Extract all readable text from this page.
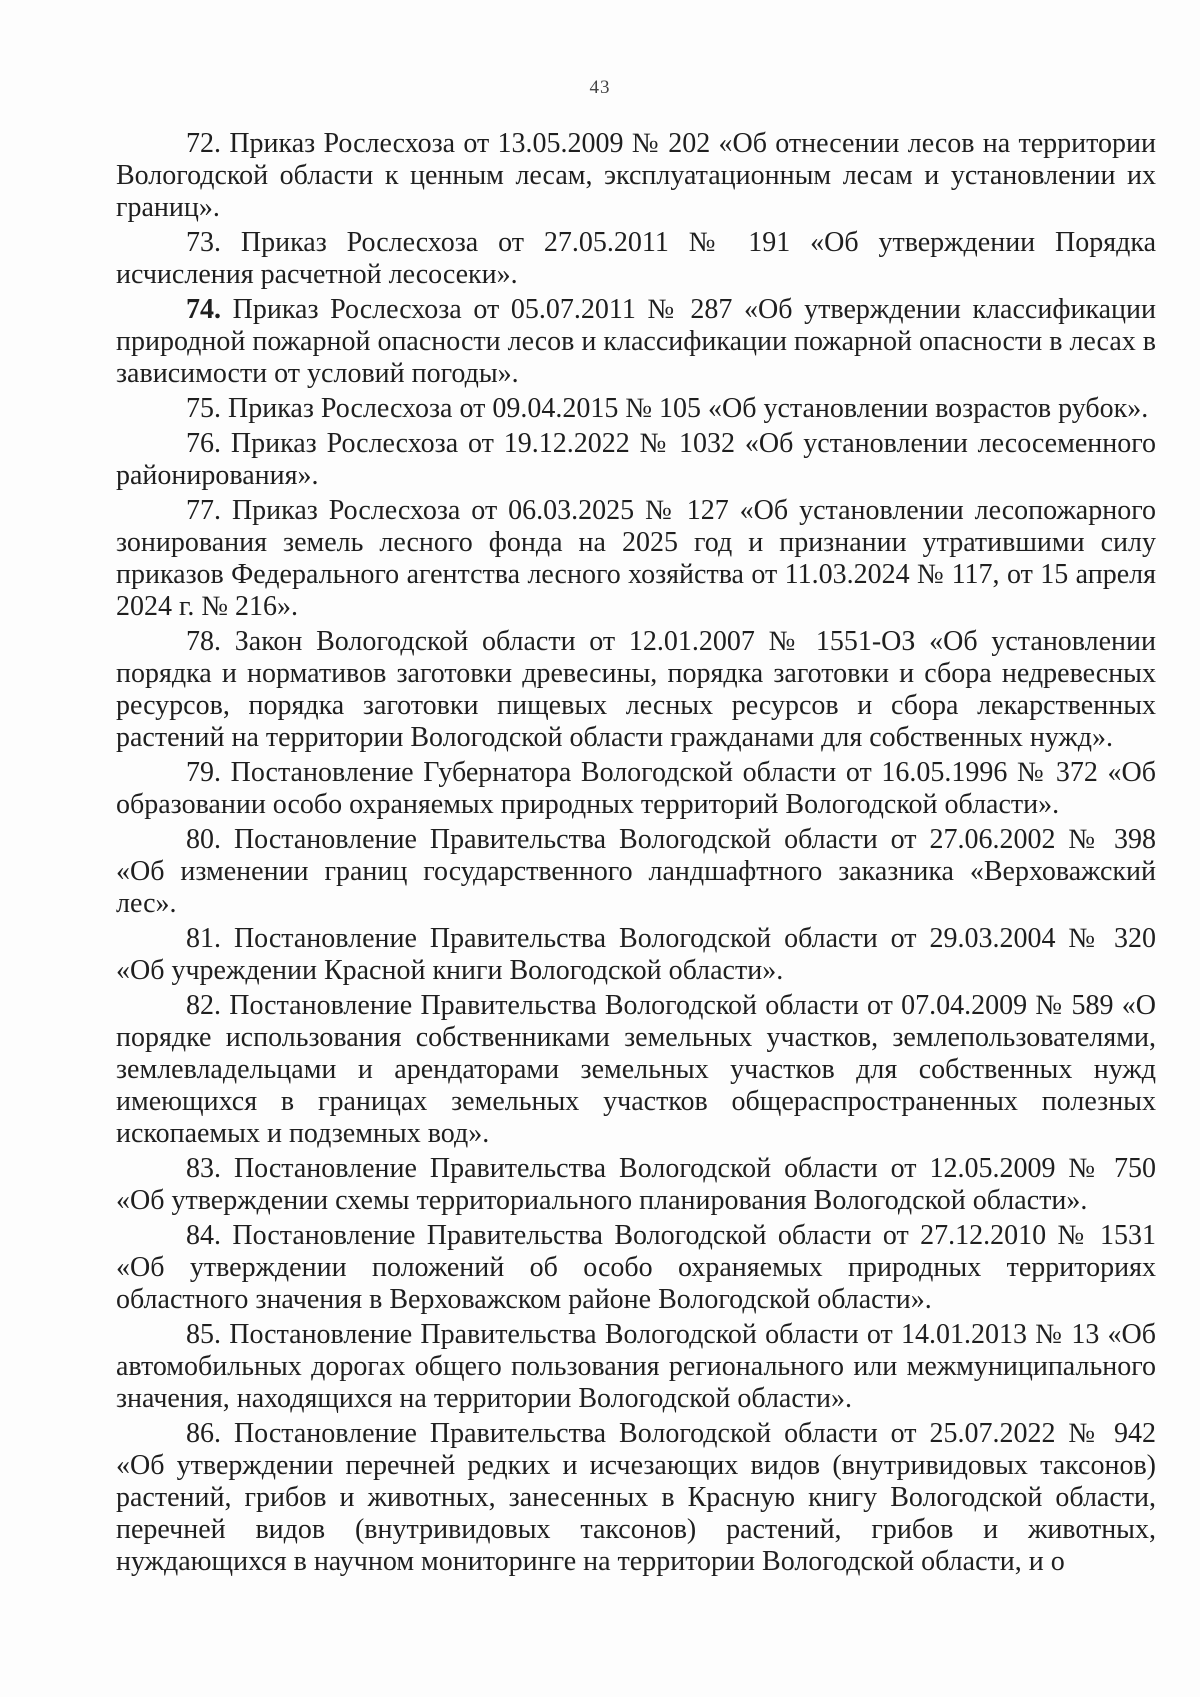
43

72. Приказ Рослесхоза от 13.05.2009 № 202 «Об отнесении лесов на территории Вологодской области к ценным лесам, эксплуатационным лесам и установлении их границ».

73. Приказ Рослесхоза от 27.05.2011 № 191 «Об утверждении Порядка исчисления расчетной лесосеки».

74. Приказ Рослесхоза от 05.07.2011 № 287 «Об утверждении классификации природной пожарной опасности лесов и классификации пожарной опасности в лесах в зависимости от условий погоды».

75. Приказ Рослесхоза от 09.04.2015 № 105 «Об установлении возрастов рубок».

76. Приказ Рослесхоза от 19.12.2022 № 1032 «Об установлении лесосеменного районирования».

77. Приказ Рослесхоза от 06.03.2025 № 127 «Об установлении лесопожарного зонирования земель лесного фонда на 2025 год и признании утратившими силу приказов Федерального агентства лесного хозяйства от 11.03.2024 № 117, от 15 апреля 2024 г. № 216».

78. Закон Вологодской области от 12.01.2007 № 1551-ОЗ «Об установлении порядка и нормативов заготовки древесины, порядка заготовки и сбора недревесных ресурсов, порядка заготовки пищевых лесных ресурсов и сбора лекарственных растений на территории Вологодской области гражданами для собственных нужд».

79. Постановление Губернатора Вологодской области от 16.05.1996 № 372 «Об образовании особо охраняемых природных территорий Вологодской области».

80. Постановление Правительства Вологодской области от 27.06.2002 № 398 «Об изменении границ государственного ландшафтного заказника «Верховажский лес».

81. Постановление Правительства Вологодской области от 29.03.2004 № 320 «Об учреждении Красной книги Вологодской области».

82. Постановление Правительства Вологодской области от 07.04.2009 № 589 «О порядке использования собственниками земельных участков, землепользователями, землевладельцами и арендаторами земельных участков для собственных нужд имеющихся в границах земельных участков общераспространенных полезных ископаемых и подземных вод».

83. Постановление Правительства Вологодской области от 12.05.2009 № 750 «Об утверждении схемы территориального планирования Вологодской области».

84. Постановление Правительства Вологодской области от 27.12.2010 № 1531 «Об утверждении положений об особо охраняемых природных территориях областного значения в Верховажском районе Вологодской области».

85. Постановление Правительства Вологодской области от 14.01.2013 № 13 «Об автомобильных дорогах общего пользования регионального или межмуниципального значения, находящихся на территории Вологодской области».

86. Постановление Правительства Вологодской области от 25.07.2022 № 942 «Об утверждении перечней редких и исчезающих видов (внутривидовых таксонов) растений, грибов и животных, занесенных в Красную книгу Вологодской области, перечней видов (внутривидовых таксонов) растений, грибов и животных, нуждающихся в научном мониторинге на территории Вологодской области, и о
